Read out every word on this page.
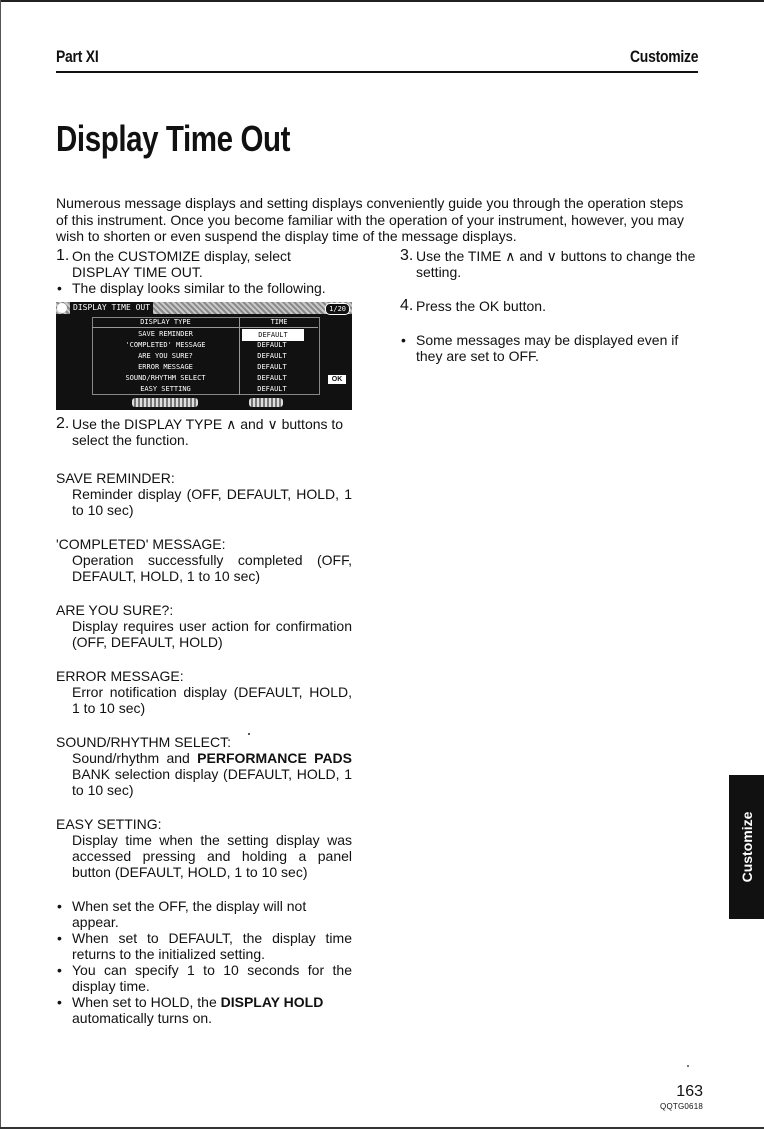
Part XI	Customize
Display Time Out

Numerous message displays and setting displays conveniently guide you through the operation steps of this instrument. Once you become familiar with the operation of your instrument, however, you may wish to shorten or even suspend the display time of the message displays.

1. On the CUSTOMIZE display, select DISPLAY TIME OUT.

• The display looks similar to the following.

DISPLAY TIME OUT	1/20
DISPLAY TYPE	TIME
SAVE REMINDER	DEFAULT
'COMPLETED' MESSAGE	DEFAULT
ARE YOU SURE?	DEFAULT
ERROR MESSAGE	DEFAULT
SOUND/RHYTHM SELECT	DEFAULT
EASY SETTING	DEFAULT
OK

2. Use the DISPLAY TYPE ∧ and ∨ buttons to select the function.

SAVE REMINDER:

Reminder display (OFF, DEFAULT, HOLD, 1 to 10 sec)

'COMPLETED' MESSAGE:

Operation successfully completed (OFF, DEFAULT, HOLD, 1 to 10 sec)

ARE YOU SURE?:

Display requires user action for confirmation (OFF, DEFAULT, HOLD)

ERROR MESSAGE:

Error notification display (DEFAULT, HOLD, 1 to 10 sec)

SOUND/RHYTHM SELECT:

Sound/rhythm and PERFORMANCE PADS BANK selection display (DEFAULT, HOLD, 1 to 10 sec)

EASY SETTING:

Display time when the setting display was accessed pressing and holding a panel button (DEFAULT, HOLD, 1 to 10 sec)

• When set the OFF, the display will not appear.

• When set to DEFAULT, the display time returns to the initialized setting.

• You can specify 1 to 10 seconds for the display time.

• When set to HOLD, the DISPLAY HOLD automatically turns on.

3. Use the TIME ∧ and ∨ buttons to change the setting.

4. Press the OK button.

• Some messages may be displayed even if they are set to OFF.

Customize
163
QQTG0618
